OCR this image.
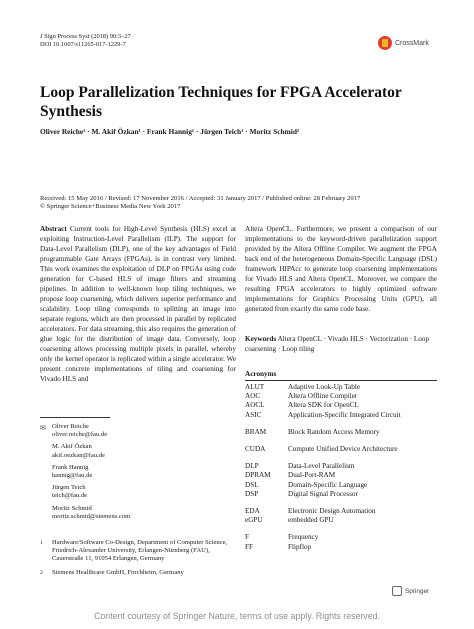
J Sign Process Syst (2018) 90:3–27
DOI 10.1007/s11265-017-1229-7	CrossMark
Loop Parallelization Techniques for FPGA Accelerator Synthesis
Oliver Reiche¹ · M. Akif Özkan¹ · Frank Hannig¹ · Jürgen Teich¹ · Moritz Schmid²
Received: 15 May 2016 / Revised: 17 November 2016 / Accepted: 31 January 2017 / Published online: 28 February 2017
© Springer Science+Business Media New York 2017
Abstract Current tools for High-Level Synthesis (HLS) excel at exploiting Instruction-Level Parallelism (ILP). The support for Data-Level Parallelism (DLP), one of the key advantages of Field programmable Gate Arrays (FPGAs), is in contrast very limited. This work examines the exploitation of DLP on FPGAs using code generation for C-based HLS of image filters and streaming pipelines. In addition to well-known loop tiling techniques, we propose loop coarsening, which delivers superior performance and scalability. Loop tiling corresponds to splitting an image into separate regions, which are then processed in parallel by replicated accelerators. For data streaming, this also requires the generation of glue logic for the distribution of image data. Conversely, loop coarsening allows processing multiple pixels in parallel, whereby only the kernel operator is replicated within a single accelerator. We present concrete implementations of tiling and coarsening for Vivado HLS and
Altera OpenCL. Furthermore, we present a comparison of our implementations to the keyword-driven parallelization support provided by the Altera Offline Compiler. We augment the FPGA back end of the heterogeneous Domain-Specific Language (DSL) framework HIPAcc to generate loop coarsening implementations for Vivado HLS and Altera OpenCL. Moreover, we compare the resulting FPGA accelerators to highly optimized software implementations for Graphics Processing Units (GPU), all generated from exactly the same code base.
Keywords Altera OpenCL · Vivado HLS · Vectorization · Loop coarsening · Loop tiling
Acronyms
ALUT	Adaptive Look-Up Table
AOC	Altera Offline Compiler
AOCL	Altera SDK for OpenCL
ASIC	Application-Specific Integrated Circuit
BRAM	Block Random Access Memory
CUDA	Compute Unified Device Architecture
DLP	Data-Level Parallelism
DPRAM	Dual-Port-RAM
DSL	Domain-Specific Language
DSP	Digital Signal Processor
EDA	Electronic Design Automation
eGPU	embedded GPU
F	Frequency
FF	Flipflop
✉ Oliver Reiche
oliver.reiche@fau.de
M. Akif Özkan
akif.oezkan@fau.de
Frank Hannig
hannig@fau.de
Jürgen Teich
teich@fau.de
Moritz Schmid
moritz.schmid@siemens.com
1	Hardware/Software Co-Design, Department of Computer Science, Friedrich-Alexander University, Erlangen-Nürnberg (FAU), Cauerstraße 11, 91054 Erlangen, Germany
2	Siemens Healthcare GmbH, Forchheim, Germany
Springer
Content courtesy of Springer Nature, terms of use apply. Rights reserved.
